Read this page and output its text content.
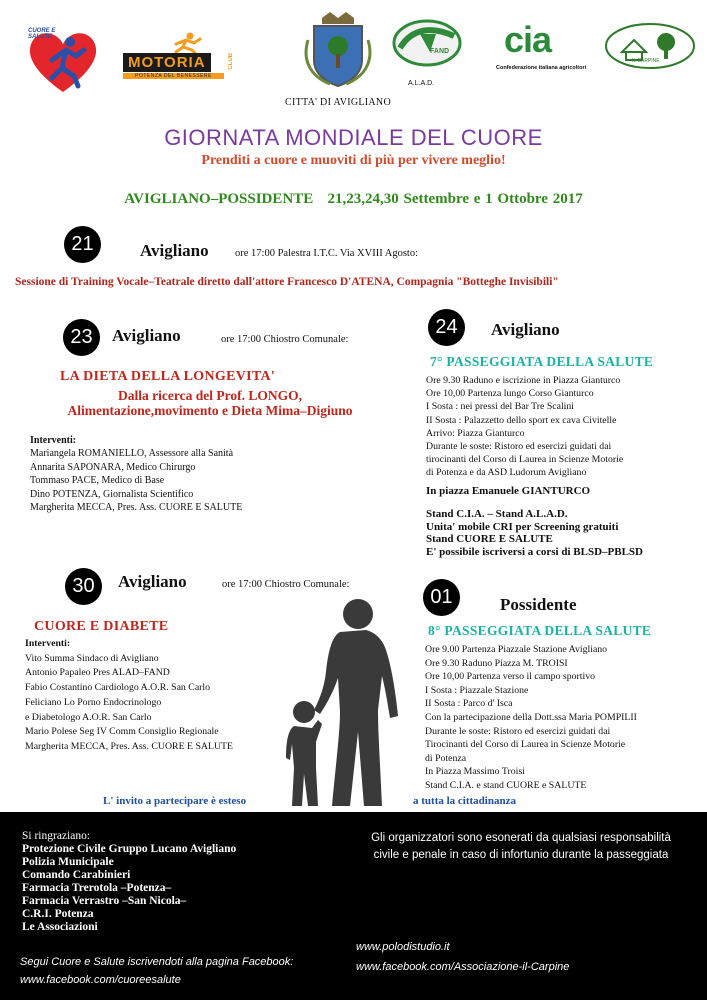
CUORE E SALUTE
MOTORIA
POTENZA DEL BENESSERE
CLUB
CITTA' DI AVIGLIANO
FAND
A.L.A.D.
cia
Confederazione italiana agricoltori
IL CARPINE
GIORNATA MONDIALE DEL CUORE
Prenditi a cuore e muoviti di più per vivere meglio!
AVIGLIANO–POSSIDENTE   21,23,24,30 Settembre e 1 Ottobre 2017
21	Avigliano	ore 17:00 Palestra I.T.C. Via XVIII Agosto:
Sessione di Training Vocale–Teatrale diretto dall'attore Francesco D'ATENA, Compagnia "Botteghe Invisibili"
23	Avigliano	ore 17:00 Chiostro Comunale:
LA DIETA DELLA LONGEVITA'
Dalla ricerca del Prof. LONGO,
Alimentazione,movimento e Dieta Mima–Digiuno
Interventi:
Mariangela ROMANIELLO, Assessore alla Sanità
Annarita SAPONARA, Medico Chirurgo
Tommaso PACE, Medico di Base
Dino POTENZA, Giornalista Scientifico
Margherita MECCA, Pres. Ass. CUORE E SALUTE
24	Avigliano
7° PASSEGGIATA DELLA SALUTE
Ore 9.30 Raduno e iscrizione in Piazza Gianturco
Ore 10,00 Partenza lungo Corso Gianturco
I Sosta : nei pressi del Bar Tre Scalini
II Sosta : Palazzetto dello sport ex cava Civitelle
Arrivo: Piazza Gianturco
Durante le soste: Ristoro ed esercizi guidati dai
tirocinanti del Corso di Laurea in Scienze Motorie
di Potenza e da ASD Ludorum Avigliano
In piazza Emanuele GIANTURCO
Stand C.I.A. – Stand A.L.A.D.
Unita' mobile CRI per Screening gratuiti
Stand CUORE E SALUTE
E' possibile iscriversi a corsi di BLSD–PBLSD
30	Avigliano	ore 17:00 Chiostro Comunale:
CUORE E DIABETE
Interventi:
Vito Summa Sindaco di Avigliano
Antonio Papaleo Pres ALAD–FAND
Fabio Costantino Cardiologo A.O.R. San Carlo
Feliciano Lo Porno Endocrinologo
e Diabetologo A.O.R. San Carlo
Mario Polese Seg IV Comm Consiglio Regionale
Margherita MECCA, Pres. Ass. CUORE E SALUTE
01	Possidente
8° PASSEGGIATA DELLA SALUTE
Ore 9.00 Partenza Piazzale Stazione Avigliano
Ore 9.30 Raduno Piazza M. TROISI
Ore 10,00 Partenza verso il campo sportivo
I Sosta : Piazzale Stazione
II Sosta : Parco d' Isca
Con la partecipazione della Dott.ssa Maria POMPILII
Durante le soste: Ristoro ed esercizi guidati dai
Tirocinanti del Corso di Laurea in Scienze Motorie
di Potenza
In Piazza Massimo Troisi
Stand C.I.A. e stand CUORE e SALUTE
L' invito a partecipare è esteso	a tutta la cittadinanza
Si ringraziano:
Protezione Civile Gruppo Lucano Avigliano
Polizia Municipale
Comando Carabinieri
Farmacia Trerotola –Potenza–
Farmacia Verrastro –San Nicola–
C.R.I. Potenza
Le Associazioni
Gli organizzatori sono esonerati da qualsiasi responsabilità
civile e penale in caso di infortunio durante la passeggiata
Segui Cuore e Salute iscrivendoti alla pagina Facebook:
www.facebook.com/cuoreesalute
www.polodistudio.it
www.facebook.com/Associazione-il-Carpine
